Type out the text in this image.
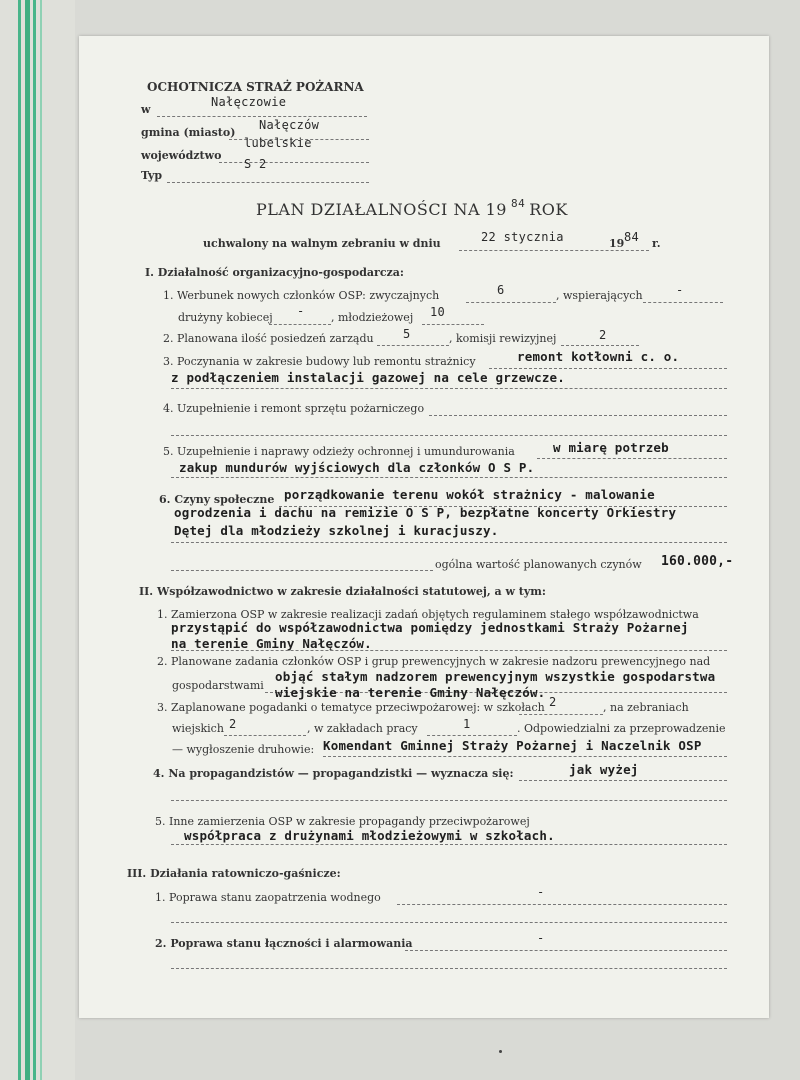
OCHOTNICZA STRAŻ POŻARNA
w
Nałęczowie
gmina (miasto)
Nałęczów
województwo
lubelskie
Typ
S 2
PLAN DZIAŁALNOŚCI NA 19 $^{84}$ ROK
uchwalony na walnym zebraniu w dniu	22 stycznia	19 84 r.
I. Działalność organizacyjno-gospodarcza:
1. Werbunek nowych członków OSP: zwyczajnych	6	, wspierających	-
drużyny kobiecej - , młodzieżowej 10
2. Planowana ilość posiedzeń zarządu 5	, komisji rewizyjnej	2
3. Poczynania w zakresie budowy lub remontu strażnicy	remont kotłowni c. o.
z podłączeniem instalacji gazowej na cele grzewcze.
4. Uzupełnienie i remont sprzętu pożarniczego
5. Uzupełnienie i naprawy odzieży ochronnej i umundurowania	w miarę potrzeb
zakup mundurów wyjściowych dla członków O S P.
6. Czyny społeczne porządkowanie terenu wokół strażnicy - malowanie
ogrodzenia i dachu na remizie O S P, bezpłatne koncerty Orkiestry
Dętej dla młodzieży szkolnej i kuracjuszy.
ogólna wartość planowanych czynów 160.000,-
II. Współzawodnictwo w zakresie działalności statutowej, a w tym:
1. Zamierzona OSP w zakresie realizacji zadań objętych regulaminem stałego współzawodnictwa
przystąpić do współzawodnictwa pomiędzy jednostkami Straży Pożarnej
na terenie Gminy Nałęczów.
2. Planowane zadania członków OSP i grup prewencyjnych w zakresie nadzoru prewencyjnego nad
gospodarstwami
objąć stałym nadzorem prewencyjnym wszystkie gospodarstwa
wiejskie na terenie Gminy Nałęczów.
3. Zaplanowane pogadanki o tematyce przeciwpożarowej: w szkołach 2	, na zebraniach
wiejskich 2	, w zakładach pracy	1	. Odpowiedzialni za przeprowadzenie
— wygłoszenie druhowie: Komendant Gminnej Straży Pożarnej i Naczelnik OSP
4. Na propagandzistów — propagandzistki — wyznacza się:	jak wyżej
5. Inne zamierzenia OSP w zakresie propagandy przeciwpożarowej
współpraca z drużynami młodzieżowymi w szkołach.
III. Działania ratowniczo-gaśnicze:
1. Poprawa stanu zaopatrzenia wodnego	-
2. Poprawa stanu łączności i alarmowania	-
